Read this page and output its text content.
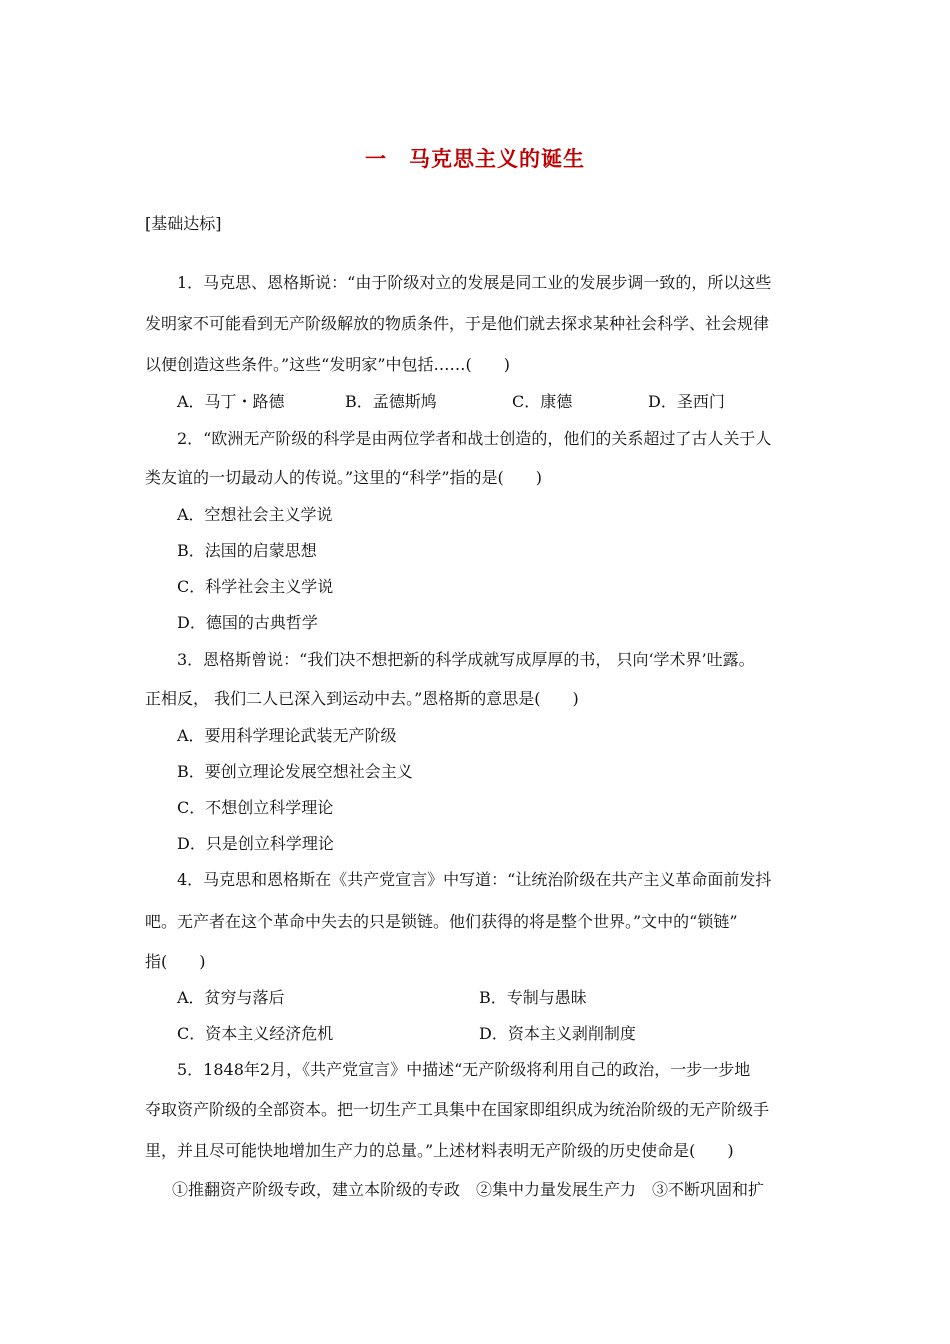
一 马克思主义的诞生
[基础达标]
1．马克思、恩格斯说：“由于阶级对立的发展是同工业的发展步调一致的，所以这些
发明家不可能看到无产阶级解放的物质条件，于是他们就去探求某种社会科学、社会规律
以便创造这些条件。”这些“发明家”中包括……(　　)
A．马丁・路德	B．孟德斯鸠	C．康德	D．圣西门
2．“欧洲无产阶级的科学是由两位学者和战士创造的，他们的关系超过了古人关于人
类友谊的一切最动人的传说。”这里的“科学”指的是(　　)
A．空想社会主义学说
B．法国的启蒙思想
C．科学社会主义学说
D．德国的古典哲学
3．恩格斯曾说：“我们决不想把新的科学成就写成厚厚的书， 只向‘学术界’吐露。
正相反， 我们二人已深入到运动中去。”恩格斯的意思是(　　)
A．要用科学理论武装无产阶级
B．要创立理论发展空想社会主义
C．不想创立科学理论
D．只是创立科学理论
4．马克思和恩格斯在《共产党宣言》中写道：“让统治阶级在共产主义革命面前发抖
吧。无产者在这个革命中失去的只是锁链。他们获得的将是整个世界。”文中的“锁链”
指(　　)
A．贫穷与落后	B．专制与愚昧
C．资本主义经济危机	D．资本主义剥削制度
5．1848年2月，《共产党宣言》中描述“无产阶级将利用自己的政治，一步一步地
夺取资产阶级的全部资本。把一切生产工具集中在国家即组织成为统治阶级的无产阶级手
里，并且尽可能快地增加生产力的总量。”上述材料表明无产阶级的历史使命是(　　)
①推翻资产阶级专政，建立本阶级的专政　②集中力量发展生产力　③不断巩固和扩
